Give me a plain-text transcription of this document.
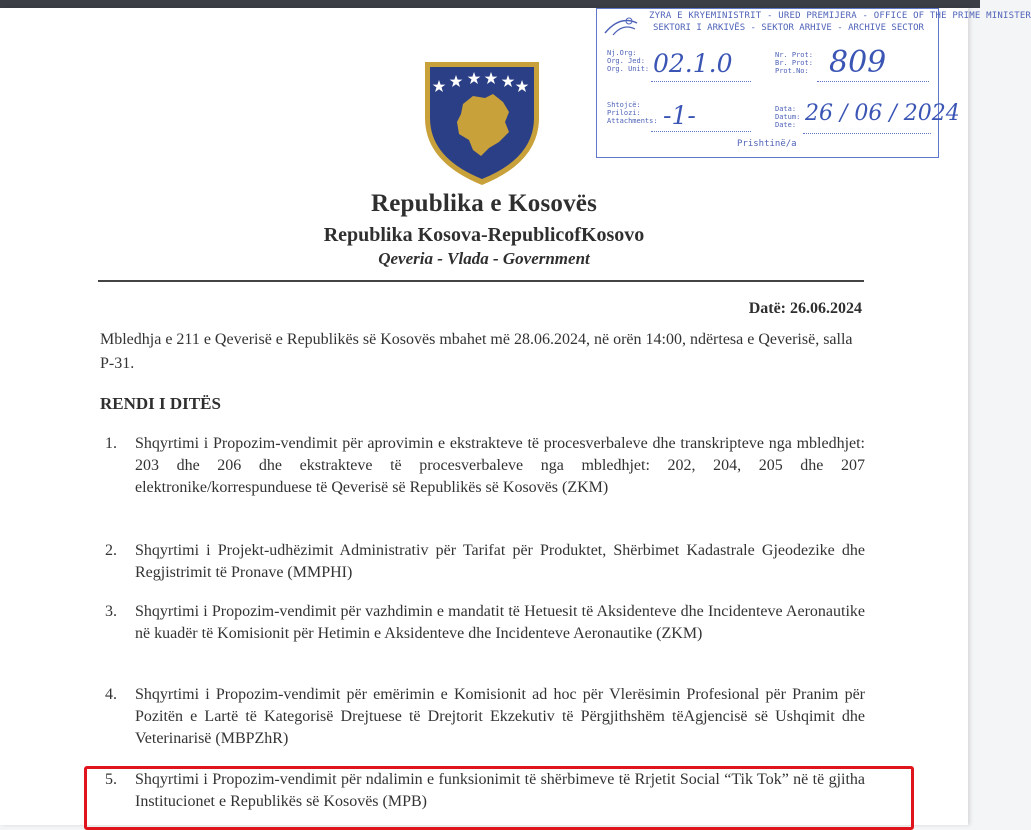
ZYRA E KRYEMINISTRIT - URED PREMIJERA - OFFICE OF THE PRIME MINISTER
SEKTORI I ARKIVËS - SEKTOR ARHIVE - ARCHIVE SECTOR
Nj.Org:
Org. Jed:
Org. Unit: 02.1.0	Nr. Prot:
Br. Prot:
Prot.No: 809
Shtojcë:
Prilozi:
Attachments: -1-	Data:
Datum:
Date: 26 / 06 / 2024
Prishtinë/a
Republika e Kosovës
Republika Kosova-RepublicofKosovo
Qeveria - Vlada - Government
Datë: 26.06.2024
Mbledhja e 211 e Qeverisë e Republikës së Kosovës mbahet më 28.06.2024, në orën 14:00, ndërtesa e Qeverisë, salla P-31.
RENDI I DITËS
1.	Shqyrtimi i Propozim-vendimit për aprovimin e ekstrakteve të procesverbaleve dhe transkripteve nga mbledhjet: 203 dhe 206 dhe ekstrakteve të procesverbaleve nga mbledhjet: 202, 204, 205 dhe 207 elektronike/korrespunduese të Qeverisë së Republikës së Kosovës (ZKM)
2.	Shqyrtimi i Projekt-udhëzimit Administrativ për Tarifat për Produktet, Shërbimet Kadastrale Gjeodezike dhe Regjistrimit të Pronave (MMPHI)
3.	Shqyrtimi i Propozim-vendimit për vazhdimin e mandatit të Hetuesit të Aksidenteve dhe Incidenteve Aeronautike në kuadër të Komisionit për Hetimin e Aksidenteve dhe Incidenteve Aeronautike (ZKM)
4.	Shqyrtimi i Propozim-vendimit për emërimin e Komisionit ad hoc për Vlerësimin Profesional për Pranim për Pozitën e Lartë të Kategorisë Drejtuese të Drejtorit Ekzekutiv të Përgjithshëm tëAgjencisë së Ushqimit dhe Veterinarisë (MBPZhR)
5.	Shqyrtimi i Propozim-vendimit për ndalimin e funksionimit të shërbimeve të Rrjetit Social “Tik Tok” në të gjitha Institucionet e Republikës së Kosovës (MPB)
